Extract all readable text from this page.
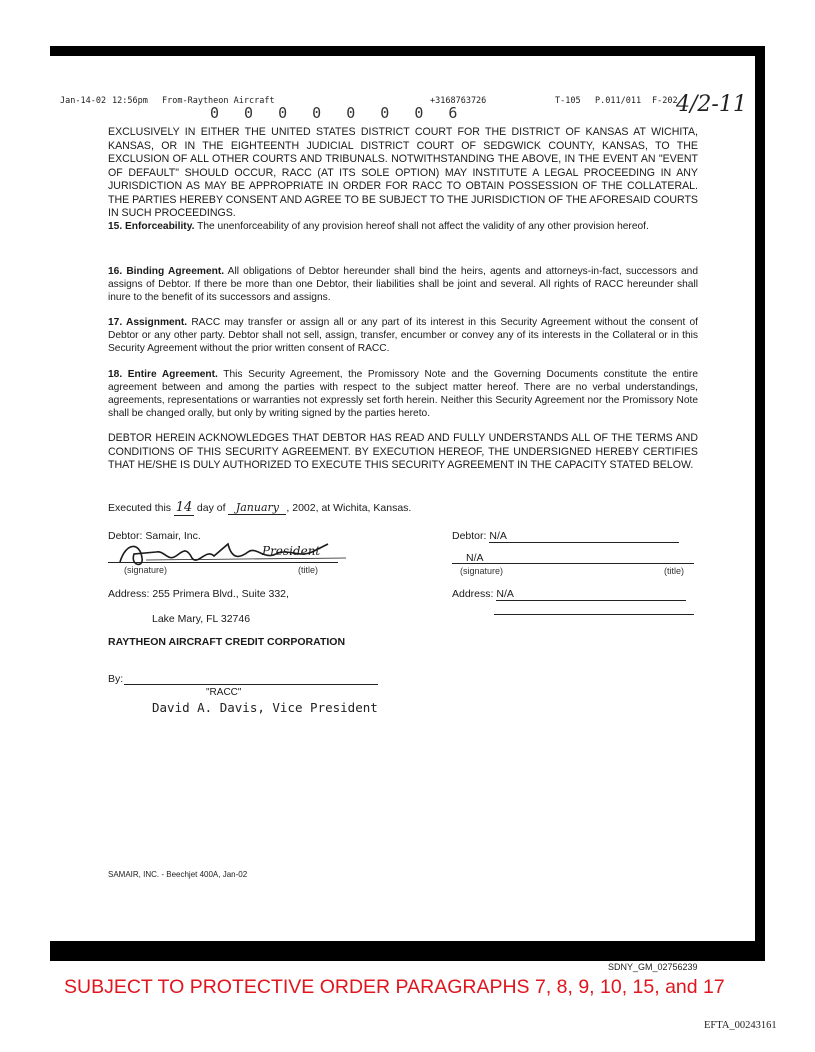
Jan-14-02 12:56pm From-Raytheon Aircraft	+3168763726	T-105 P.011/011 F-202
0 0 0 0 0 0 0 6	4/2-11

EXCLUSIVELY IN EITHER THE UNITED STATES DISTRICT COURT FOR THE DISTRICT OF KANSAS AT WICHITA, KANSAS, OR IN THE EIGHTEENTH JUDICIAL DISTRICT COURT OF SEDGWICK COUNTY, KANSAS, TO THE EXCLUSION OF ALL OTHER COURTS AND TRIBUNALS. NOTWITHSTANDING THE ABOVE, IN THE EVENT AN "EVENT OF DEFAULT" SHOULD OCCUR, RACC (AT ITS SOLE OPTION) MAY INSTITUTE A LEGAL PROCEEDING IN ANY JURISDICTION AS MAY BE APPROPRIATE IN ORDER FOR RACC TO OBTAIN POSSESSION OF THE COLLATERAL. THE PARTIES HEREBY CONSENT AND AGREE TO BE SUBJECT TO THE JURISDICTION OF THE AFORESAID COURTS IN SUCH PROCEEDINGS.

15. Enforceability. The unenforceability of any provision hereof shall not affect the validity of any other provision hereof.

16. Binding Agreement. All obligations of Debtor hereunder shall bind the heirs, agents and attorneys-in-fact, successors and assigns of Debtor. If there be more than one Debtor, their liabilities shall be joint and several. All rights of RACC hereunder shall inure to the benefit of its successors and assigns.

17. Assignment. RACC may transfer or assign all or any part of its interest in this Security Agreement without the consent of Debtor or any other party. Debtor shall not sell, assign, transfer, encumber or convey any of its interests in the Collateral or in this Security Agreement without the prior written consent of RACC.

18. Entire Agreement. This Security Agreement, the Promissory Note and the Governing Documents constitute the entire agreement between and among the parties with respect to the subject matter hereof. There are no verbal understandings, agreements, representations or warranties not expressly set forth herein. Neither this Security Agreement nor the Promissory Note shall be changed orally, but only by writing signed by the parties hereto.

DEBTOR HEREIN ACKNOWLEDGES THAT DEBTOR HAS READ AND FULLY UNDERSTANDS ALL OF THE TERMS AND CONDITIONS OF THIS SECURITY AGREEMENT. BY EXECUTION HEREOF, THE UNDERSIGNED HEREBY CERTIFIES THAT HE/SHE IS DULY AUTHORIZED TO EXECUTE THIS SECURITY AGREEMENT IN THE CAPACITY STATED BELOW.

Executed this 14 day of January , 2002, at Wichita, Kansas.
Debtor: Samair, Inc.
President
(signature)	(title)
Address: 255 Primera Blvd., Suite 332,
Lake Mary, FL 32746
Debtor: N/A
N/A
(signature)	(title)
Address: N/A
RAYTHEON AIRCRAFT CREDIT CORPORATION
By:
"RACC"
David A. Davis, Vice President
SAMAIR, INC. - Beechjet 400A, Jan-02
SDNY_GM_02756239
SUBJECT TO PROTECTIVE ORDER PARAGRAPHS 7, 8, 9, 10, 15, and 17
EFTA_00243161
